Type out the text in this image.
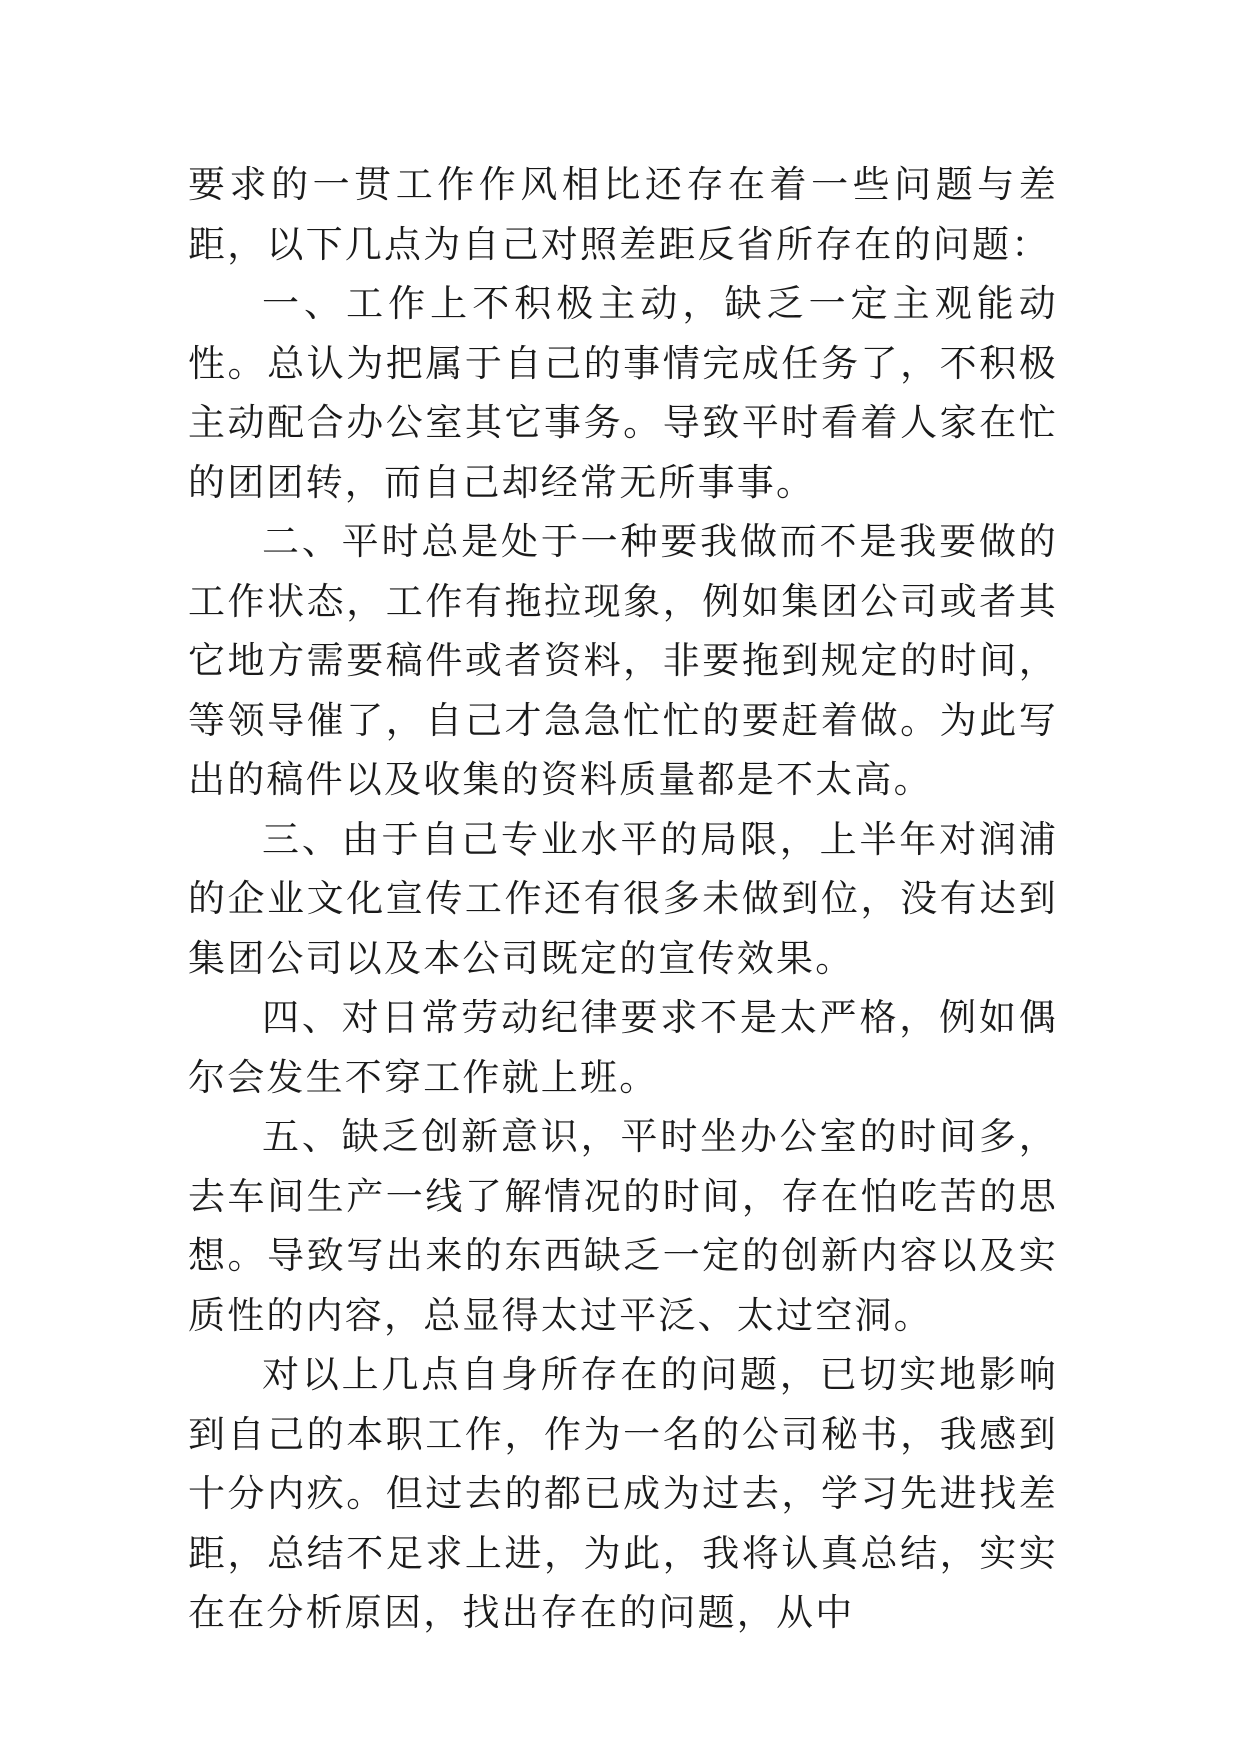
要求的一贯工作作风相比还存在着一些问题与差距，以下几点为自己对照差距反省所存在的问题：

一、工作上不积极主动，缺乏一定主观能动性。总认为把属于自己的事情完成任务了，不积极主动配合办公室其它事务。导致平时看着人家在忙的团团转，而自己却经常无所事事。

二、平时总是处于一种要我做而不是我要做的工作状态，工作有拖拉现象，例如集团公司或者其它地方需要稿件或者资料，非要拖到规定的时间，等领导催了，自己才急急忙忙的要赶着做。为此写出的稿件以及收集的资料质量都是不太高。

三、由于自己专业水平的局限，上半年对润浦的企业文化宣传工作还有很多未做到位，没有达到集团公司以及本公司既定的宣传效果。

四、对日常劳动纪律要求不是太严格，例如偶尔会发生不穿工作就上班。

五、缺乏创新意识，平时坐办公室的时间多，去车间生产一线了解情况的时间，存在怕吃苦的思想。导致写出来的东西缺乏一定的创新内容以及实质性的内容，总显得太过平泛、太过空洞。

对以上几点自身所存在的问题，已切实地影响到自己的本职工作，作为一名的公司秘书，我感到十分内疚。但过去的都已成为过去，学习先进找差距，总结不足求上进，为此，我将认真总结，实实在在分析原因，找出存在的问题，从中
